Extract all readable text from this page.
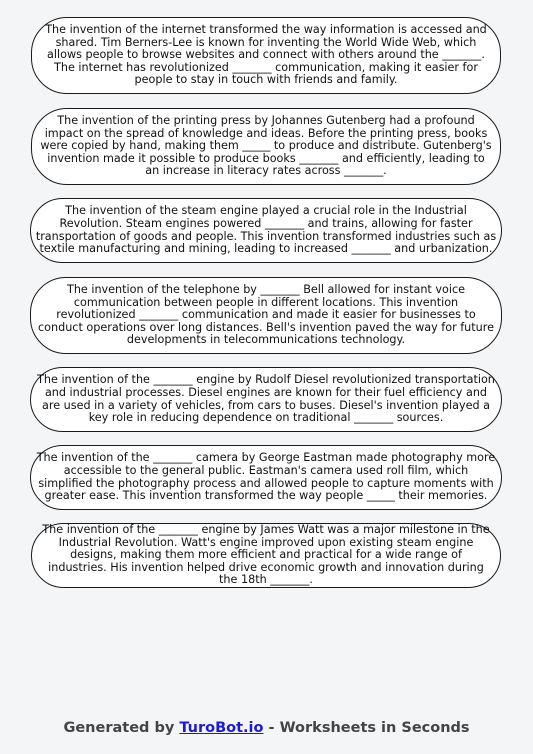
The invention of the internet transformed the way information is accessed and shared. Tim Berners-Lee is known for inventing the World Wide Web, which allows people to browse websites and connect with others around the _______. The internet has revolutionized _______ communication, making it easier for people to stay in touch with friends and family.
The invention of the printing press by Johannes Gutenberg had a profound impact on the spread of knowledge and ideas. Before the printing press, books were copied by hand, making them _____ to produce and distribute. Gutenberg's invention made it possible to produce books _______ and efficiently, leading to an increase in literacy rates across _______.
The invention of the steam engine played a crucial role in the Industrial Revolution. Steam engines powered _______ and trains, allowing for faster transportation of goods and people. This invention transformed industries such as textile manufacturing and mining, leading to increased _______ and urbanization.
The invention of the telephone by _______ Bell allowed for instant voice communication between people in different locations. This invention revolutionized _______ communication and made it easier for businesses to conduct operations over long distances. Bell's invention paved the way for future developments in telecommunications technology.
The invention of the _______ engine by Rudolf Diesel revolutionized transportation and industrial processes. Diesel engines are known for their fuel efficiency and are used in a variety of vehicles, from cars to buses. Diesel's invention played a key role in reducing dependence on traditional _______ sources.
The invention of the _______ camera by George Eastman made photography more accessible to the general public. Eastman's camera used roll film, which simplified the photography process and allowed people to capture moments with greater ease. This invention transformed the way people _____ their memories.
The invention of the _______ engine by James Watt was a major milestone in the Industrial Revolution. Watt's engine improved upon existing steam engine designs, making them more efficient and practical for a wide range of industries. His invention helped drive economic growth and innovation during the 18th _______.
Generated by TuroBot.io - Worksheets in Seconds
